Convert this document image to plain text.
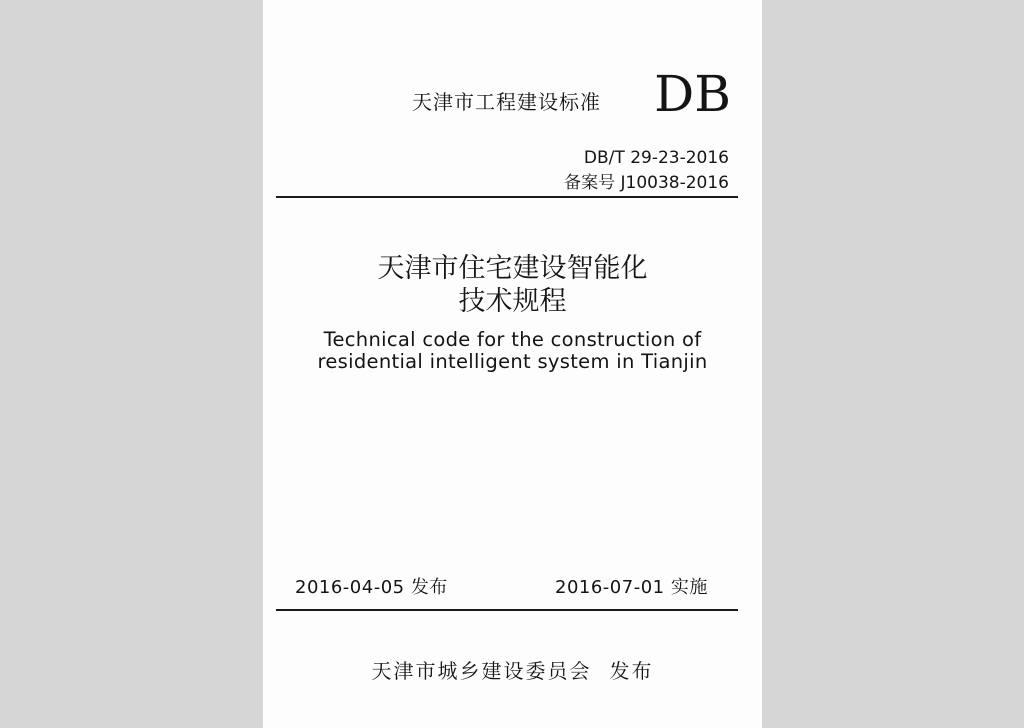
天津市工程建设标准 DB
DB/T 29-23-2016
备案号 J10038-2016
天津市住宅建设智能化
技术规程
Technical code for the construction of
residential intelligent system in Tianjin
2016-04-05 发布	2016-07-01 实施
天津市城乡建设委员会 发布
